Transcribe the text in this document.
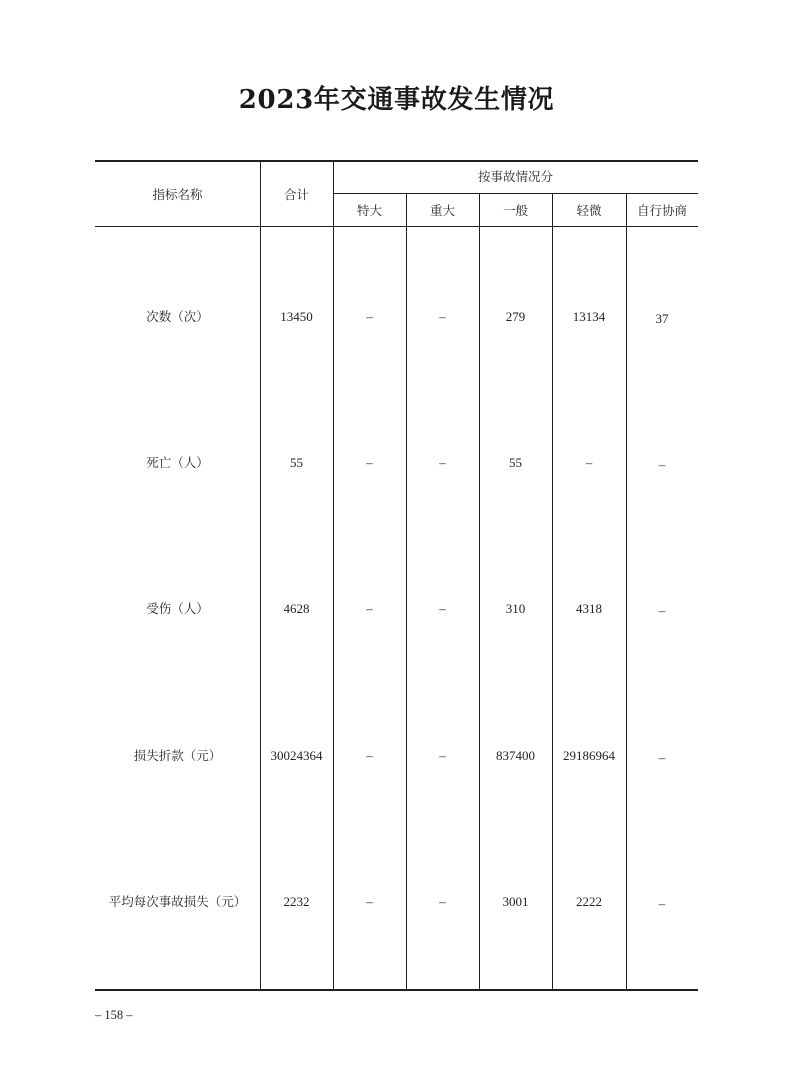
2023年交通事故发生情况
指标名称	合计
按事故情况分
特大	重大	一般	轻微	自行协商
次数（次）	13450	–	–	279	13134	37
死亡（人）	55	–	–	55	–	–
受伤（人）	4628	–	–	310	4318	–
损失折款（元）	30024364	–	–	837400	29186964	–
平均每次事故损失（元）	2232	–	–	3001	2222	–
– 158 –
